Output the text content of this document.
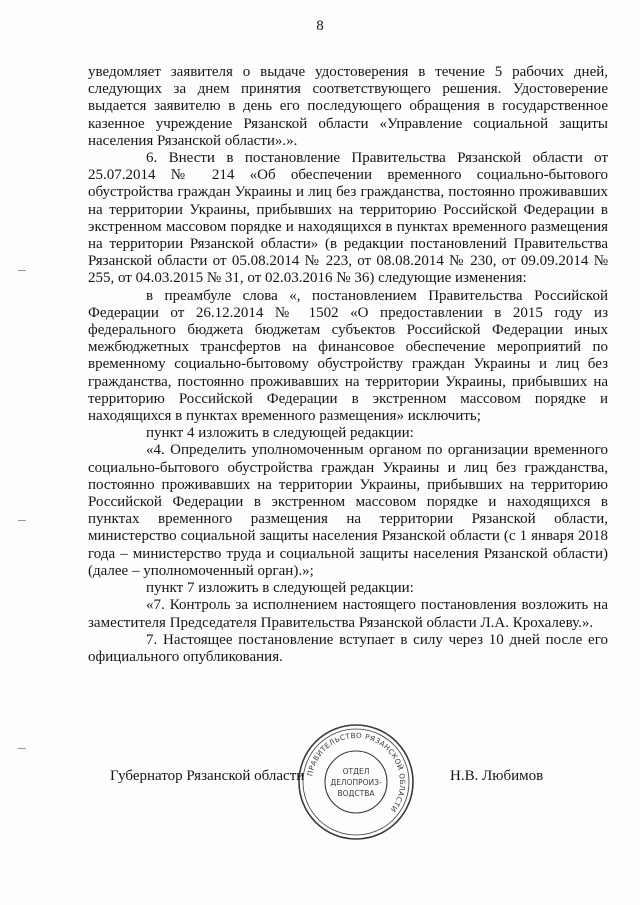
8

уведомляет заявителя о выдаче удостоверения в течение 5 рабочих дней, следующих за днем принятия соответствующего решения. Удостоверение выдается заявителю в день его последующего обращения в государственное казенное учреждение Рязанской области «Управление социальной защиты населения Рязанской области».».

6. Внести в постановление Правительства Рязанской области от 25.07.2014 № 214 «Об обеспечении временного социально-бытового обустройства граждан Украины и лиц без гражданства, постоянно проживавших на территории Украины, прибывших на территорию Российской Федерации в экстренном массовом порядке и находящихся в пунктах временного размещения на территории Рязанской области» (в редакции постановлений Правительства Рязанской области от 05.08.2014 № 223, от 08.08.2014 № 230, от 09.09.2014 № 255, от 04.03.2015 № 31, от 02.03.2016 № 36) следующие изменения:

в преамбуле слова «, постановлением Правительства Российской Федерации от 26.12.2014 № 1502 «О предоставлении в 2015 году из федерального бюджета бюджетам субъектов Российской Федерации иных межбюджетных трансфертов на финансовое обеспечение мероприятий по временному социально-бытовому обустройству граждан Украины и лиц без гражданства, постоянно проживавших на территории Украины, прибывших на территорию Российской Федерации в экстренном массовом порядке и находящихся в пунктах временного размещения» исключить;

пункт 4 изложить в следующей редакции:

«4. Определить уполномоченным органом по организации временного социально-бытового обустройства граждан Украины и лиц без гражданства, постоянно проживавших на территории Украины, прибывших на территорию Российской Федерации в экстренном массовом порядке и находящихся в пунктах временного размещения на территории Рязанской области, министерство социальной защиты населения Рязанской области (с 1 января 2018 года – министерство труда и социальной защиты населения Рязанской области) (далее – уполномоченный орган).»;

пункт 7 изложить в следующей редакции:

«7. Контроль за исполнением настоящего постановления возложить на заместителя Председателя Правительства Рязанской области Л.А. Крохалеву.».

7. Настоящее постановление вступает в силу через 10 дней после его официального опубликования.

Губернатор Рязанской области	Н.В. Любимов
ПРАВИТЕЛЬСТВО РЯЗАНСКОЙ ОБЛАСТИ
ОТДЕЛ
ДЕЛОПРОИЗ-
ВОДСТВА
